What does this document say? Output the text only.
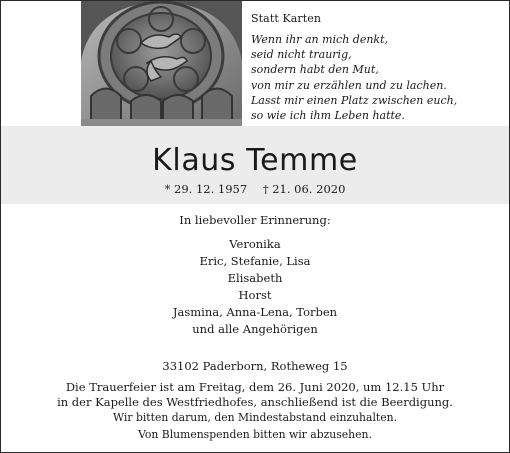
Statt Karten
Wenn ihr an mich denkt,
seid nicht traurig,
sondern habt den Mut,
von mir zu erzählen und zu lachen.
Lasst mir einen Platz zwischen euch,
so wie ich ihm Leben hatte.
Klaus Temme
* 29. 12. 1957 † 21. 06. 2020
In liebevoller Erinnerung:
Veronika
Eric, Stefanie, Lisa
Elisabeth
Horst
Jasmina, Anna-Lena, Torben
und alle Angehörigen
33102 Paderborn, Rotheweg 15
Die Trauerfeier ist am Freitag, dem 26. Juni 2020, um 12.15 Uhr
in der Kapelle des Westfriedhofes, anschließend ist die Beerdigung.
Wir bitten darum, den Mindestabstand einzuhalten.
Von Blumenspenden bitten wir abzusehen.
